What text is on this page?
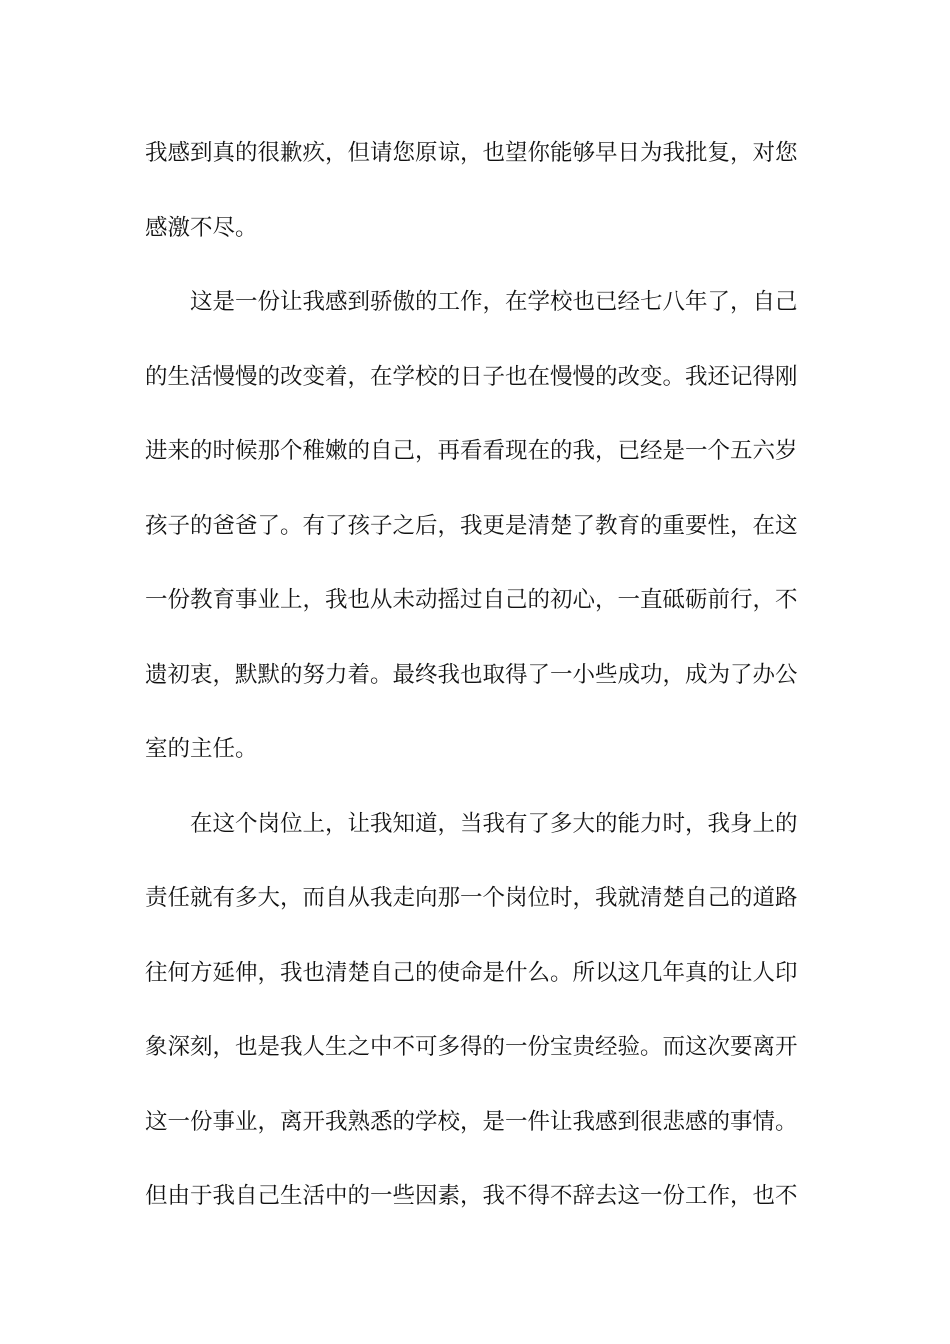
我感到真的很歉疚，但请您原谅，也望你能够早日为我批复，对您
感激不尽。
这是一份让我感到骄傲的工作，在学校也已经七八年了，自己
的生活慢慢的改变着，在学校的日子也在慢慢的改变。我还记得刚
进来的时候那个稚嫩的自己，再看看现在的我，已经是一个五六岁
孩子的爸爸了。有了孩子之后，我更是清楚了教育的重要性，在这
一份教育事业上，我也从未动摇过自己的初心，一直砥砺前行，不
遗初衷，默默的努力着。最终我也取得了一小些成功，成为了办公
室的主任。
在这个岗位上，让我知道，当我有了多大的能力时，我身上的
责任就有多大，而自从我走向那一个岗位时，我就清楚自己的道路
往何方延伸，我也清楚自己的使命是什么。所以这几年真的让人印
象深刻，也是我人生之中不可多得的一份宝贵经验。而这次要离开
这一份事业，离开我熟悉的学校，是一件让我感到很悲感的事情。
但由于我自己生活中的一些因素，我不得不辞去这一份工作，也不
